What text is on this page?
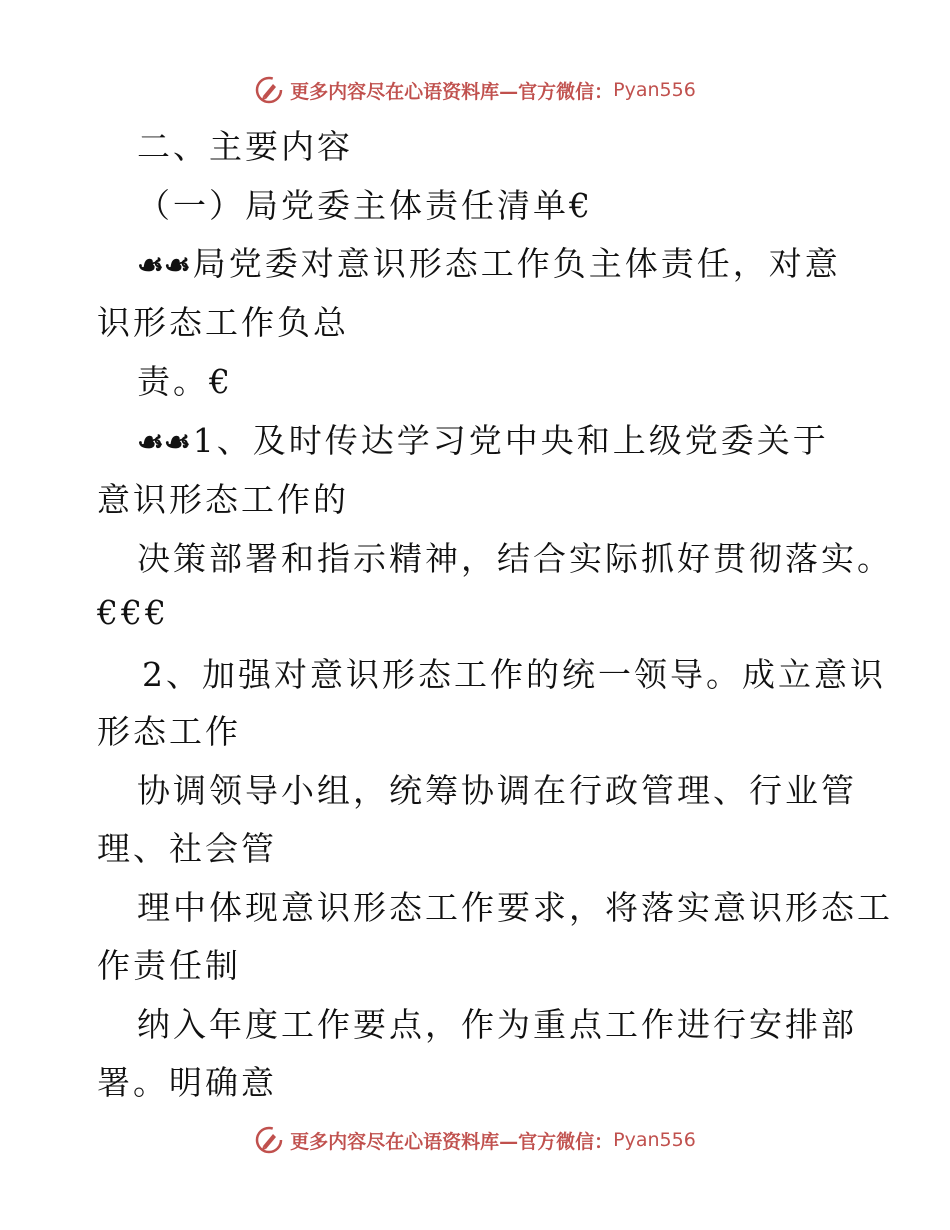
更多内容尽在心语资料库—官方微信： Pyan556
二、主要内容
（一）局党委主体责任清单€
☙☙局党委对意识形态工作负主体责任，对意
识形态工作负总
责。€
☙☙1、及时传达学习党中央和上级党委关于
意识形态工作的
决策部署和指示精神，结合实际抓好贯彻落实。
€€€
2、加强对意识形态工作的统一领导。成立意识
形态工作
协调领导小组，统筹协调在行政管理、行业管
理、社会管
理中体现意识形态工作要求，将落实意识形态工
作责任制
纳入年度工作要点，作为重点工作进行安排部
署。明确意
更多内容尽在心语资料库—官方微信： Pyan556
